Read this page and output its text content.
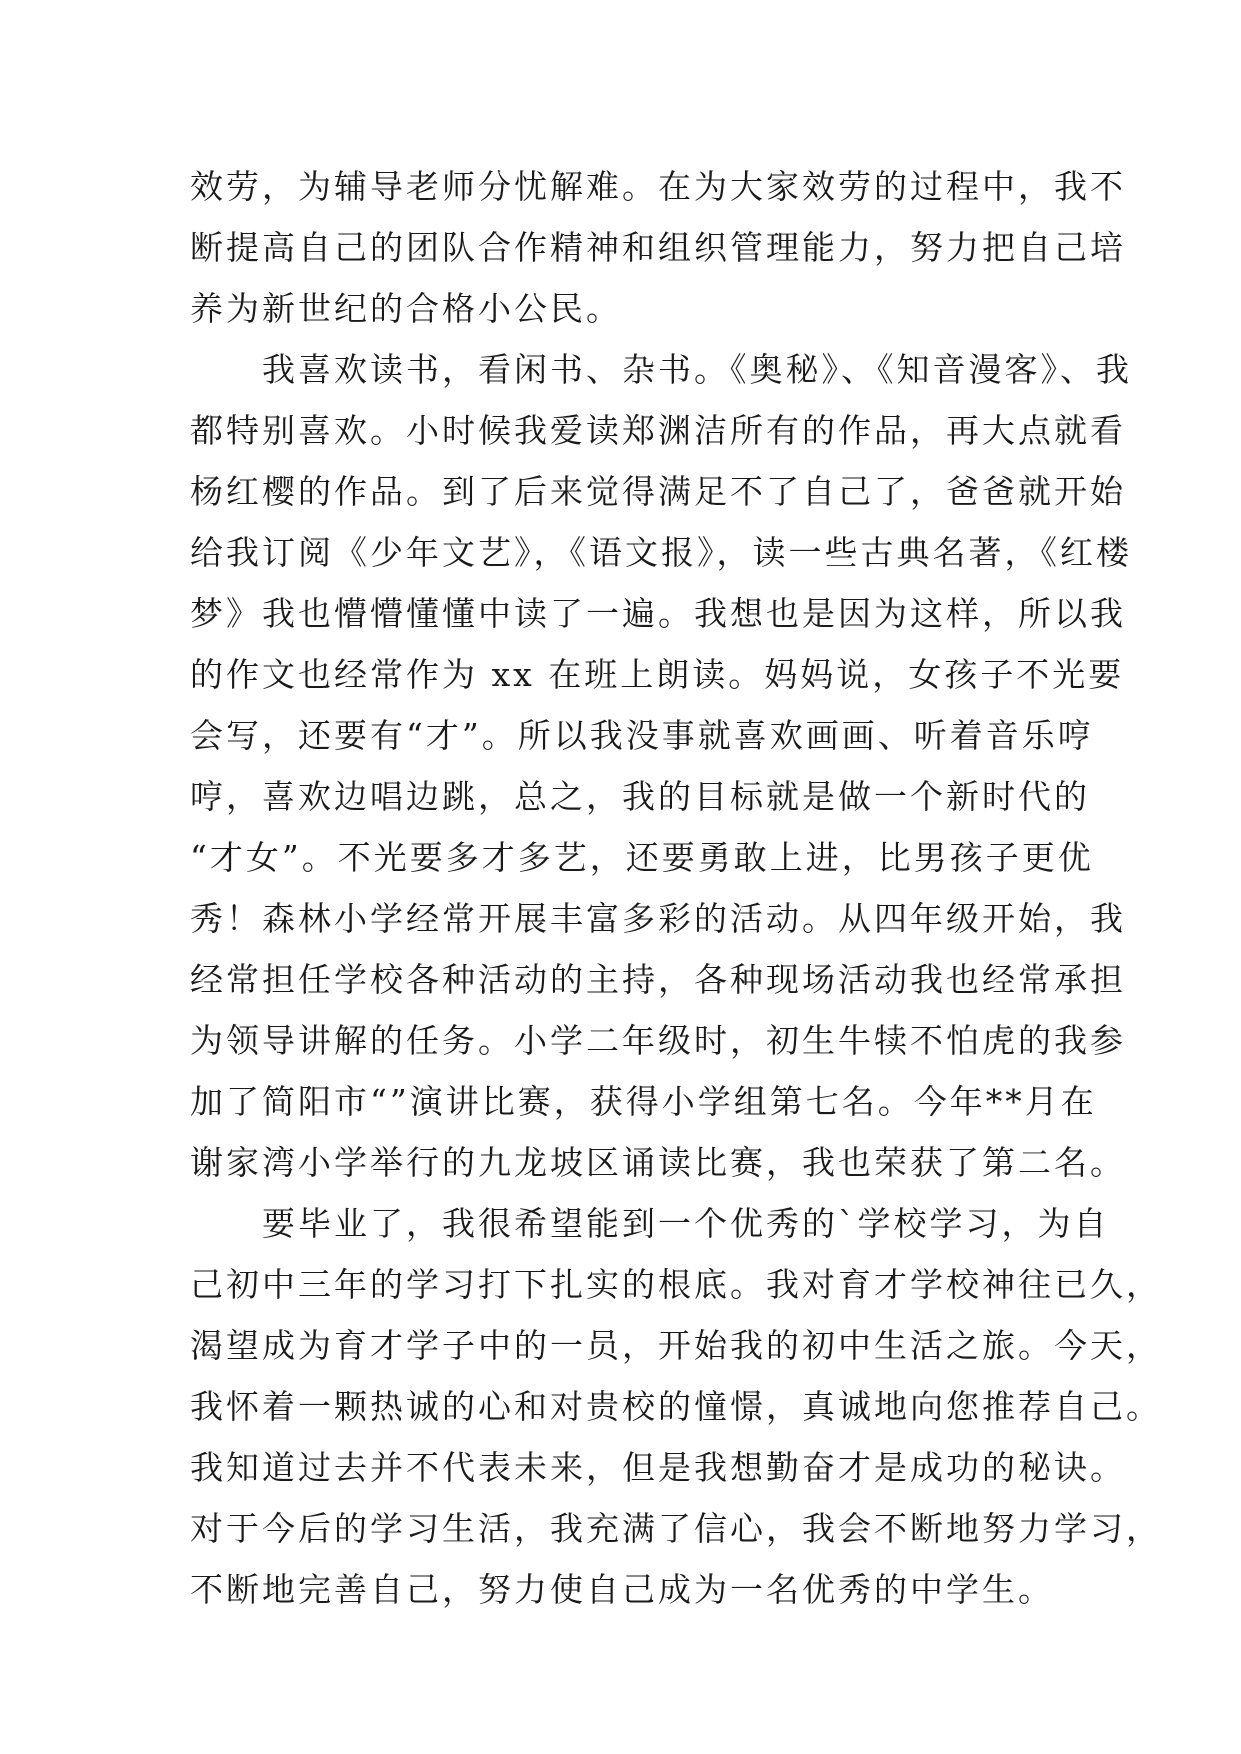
效劳，为辅导老师分忧解难。在为大家效劳的过程中，我不
断提高自己的团队合作精神和组织管理能力，努力把自己培
养为新世纪的合格小公民。
　　我喜欢读书，看闲书、杂书。《奥秘》、《知音漫客》、我
都特别喜欢。小时候我爱读郑渊洁所有的作品，再大点就看
杨红樱的作品。到了后来觉得满足不了自己了，爸爸就开始
给我订阅《少年文艺》，《语文报》，读一些古典名著，《红楼
梦》我也懵懵懂懂中读了一遍。我想也是因为这样，所以我
的作文也经常作为 xx 在班上朗读。妈妈说，女孩子不光要
会写，还要有“才”。所以我没事就喜欢画画、听着音乐哼
哼，喜欢边唱边跳，总之，我的目标就是做一个新时代的
“才女”。不光要多才多艺，还要勇敢上进，比男孩子更优
秀！森林小学经常开展丰富多彩的活动。从四年级开始，我
经常担任学校各种活动的主持，各种现场活动我也经常承担
为领导讲解的任务。小学二年级时，初生牛犊不怕虎的我参
加了简阳市“”演讲比赛，获得小学组第七名。今年**月在
谢家湾小学举行的九龙坡区诵读比赛，我也荣获了第二名。
　　要毕业了，我很希望能到一个优秀的`学校学习，为自
己初中三年的学习打下扎实的根底。我对育才学校神往已久，
渴望成为育才学子中的一员，开始我的初中生活之旅。今天，
我怀着一颗热诚的心和对贵校的憧憬，真诚地向您推荐自己。
我知道过去并不代表未来，但是我想勤奋才是成功的秘诀。
对于今后的学习生活，我充满了信心，我会不断地努力学习，
不断地完善自己，努力使自己成为一名优秀的中学生。
